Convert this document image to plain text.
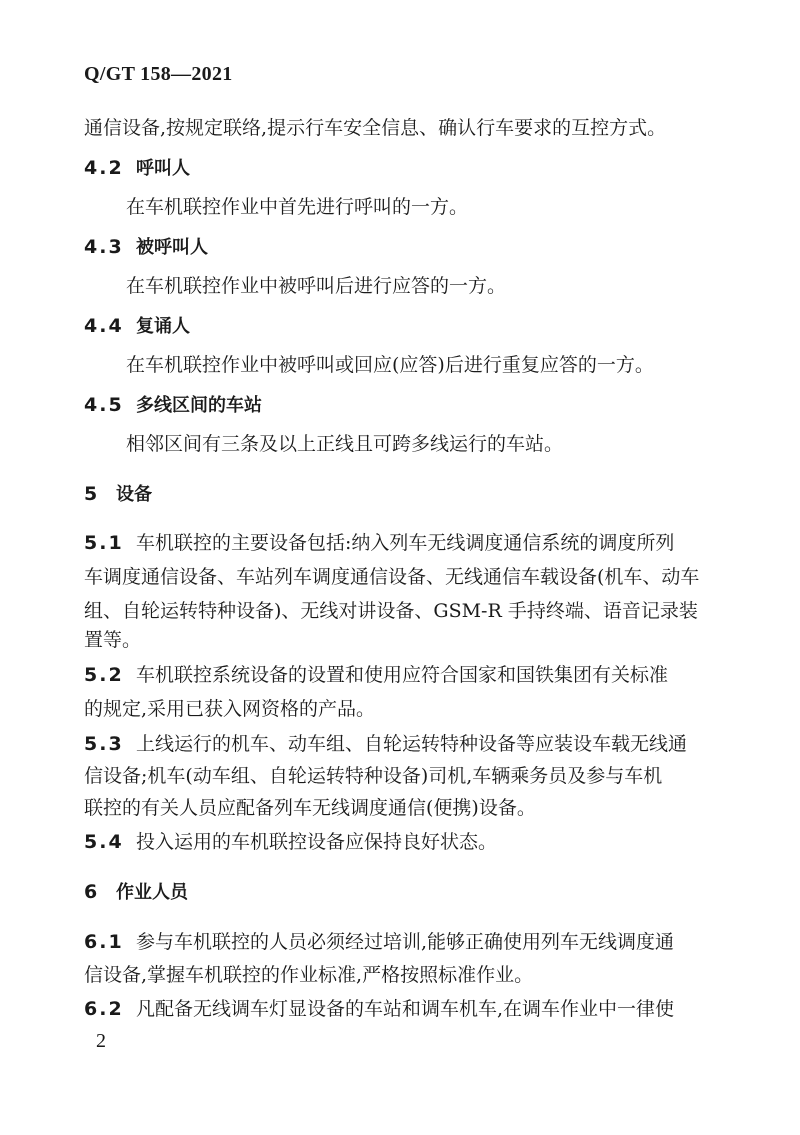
Q/GT 158—2021
通信设备,按规定联络,提示行车安全信息、确认行车要求的互控方式。
4.2 呼叫人
在车机联控作业中首先进行呼叫的一方。
4.3 被呼叫人
在车机联控作业中被呼叫后进行应答的一方。
4.4 复诵人
在车机联控作业中被呼叫或回应(应答)后进行重复应答的一方。
4.5 多线区间的车站
相邻区间有三条及以上正线且可跨多线运行的车站。
5 设备
5.1 车机联控的主要设备包括:纳入列车无线调度通信系统的调度所列
车调度通信设备、车站列车调度通信设备、无线通信车载设备(机车、动车
组、自轮运转特种设备)、无线对讲设备、GSM-R 手持终端、语音记录装
置等。
5.2 车机联控系统设备的设置和使用应符合国家和国铁集团有关标准
的规定,采用已获入网资格的产品。
5.3 上线运行的机车、动车组、自轮运转特种设备等应装设车载无线通
信设备;机车(动车组、自轮运转特种设备)司机,车辆乘务员及参与车机
联控的有关人员应配备列车无线调度通信(便携)设备。
5.4 投入运用的车机联控设备应保持良好状态。
6 作业人员
6.1 参与车机联控的人员必须经过培训,能够正确使用列车无线调度通
信设备,掌握车机联控的作业标准,严格按照标准作业。
6.2 凡配备无线调车灯显设备的车站和调车机车,在调车作业中一律使
2
